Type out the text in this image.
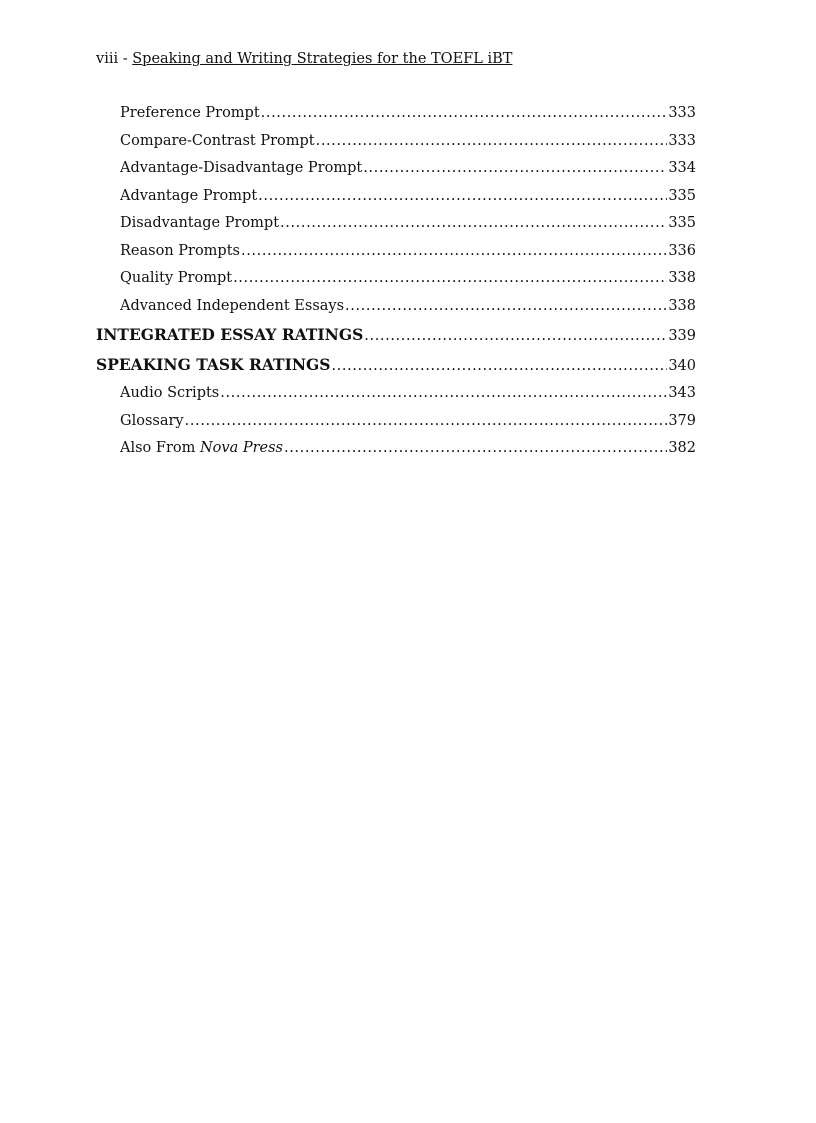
viii - Speaking and Writing Strategies for the TOEFL iBT
Preference Prompt .....	333
Compare-Contrast Prompt .....	333
Advantage-Disadvantage Prompt .....	334
Advantage Prompt .....	335
Disadvantage Prompt .....	335
Reason Prompts .....	336
Quality Prompt .....	338
Advanced Independent Essays .....	338
INTEGRATED ESSAY RATINGS .....	339
SPEAKING TASK RATINGS .....	340
Audio Scripts .....	343
Glossary .....	379
Also From Nova Press .....	382
